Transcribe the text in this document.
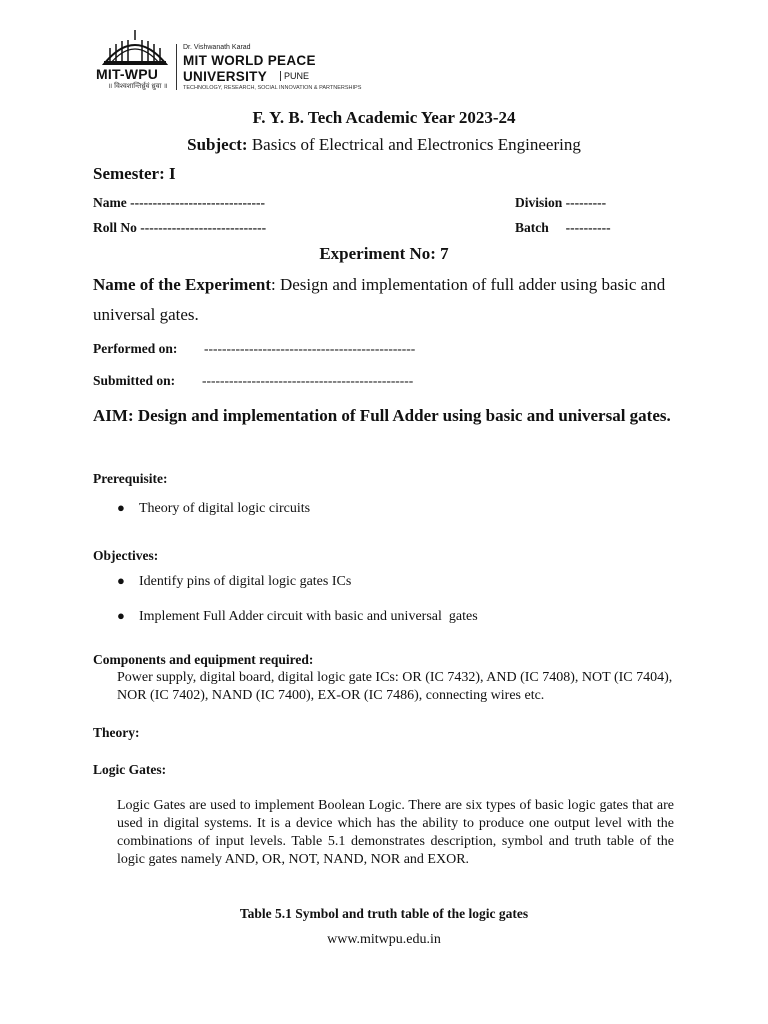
MIT-WPU
॥ विश्वशान्तिर्ध्रुवं ध्रुवा ॥
Dr. Vishwanath Karad
MIT WORLD PEACE
UNIVERSITY	PUNE
TECHNOLOGY, RESEARCH, SOCIAL INNOVATION & PARTNERSHIPS
F. Y. B. Tech Academic Year 2023-24
Subject: Basics of Electrical and Electronics Engineering
Semester: I
Name ------------------------------	Division ---------
Roll No ----------------------------	Batch     ----------
Experiment No: 7
Name of the Experiment: Design and implementation of full adder using basic and universal gates.
Performed on: -----------------------------------------------
Submitted on: -----------------------------------------------
AIM: Design and implementation of Full Adder using basic and universal gates.
Prerequisite:
● Theory of digital logic circuits
Objectives:
● Identify pins of digital logic gates ICs
● Implement Full Adder circuit with basic and universal  gates
Components and equipment required:
Power supply, digital board, digital logic gate ICs: OR (IC 7432), AND (IC 7408), NOT (IC 7404), NOR (IC 7402), NAND (IC 7400), EX-OR (IC 7486), connecting wires etc.
Theory:
Logic Gates:
Logic Gates are used to implement Boolean Logic. There are six types of basic logic gates that are used in digital systems. It is a device which has the ability to produce one output level with the combinations of input levels. Table 5.1 demonstrates description, symbol and truth table of the logic gates namely AND, OR, NOT, NAND, NOR and EXOR.
Table 5.1 Symbol and truth table of the logic gates
www.mitwpu.edu.in
